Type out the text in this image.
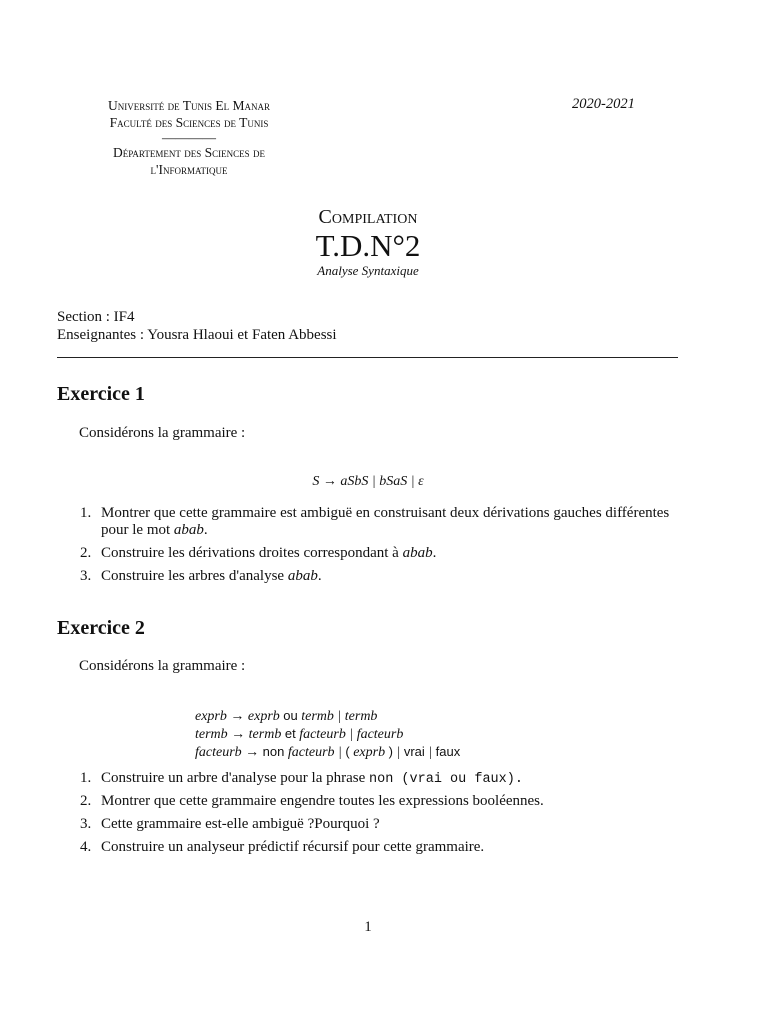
Université de Tunis El Manar
Faculté des Sciences de Tunis
————
Département des Sciences de
l'Informatique
2020-2021
Compilation
T.D.N°2
Analyse Syntaxique
Section : IF4
Enseignantes : Yousra Hlaoui et Faten Abbessi
Exercice 1
Considérons la grammaire :
S → aSbS | bSaS | ε
1. Montrer que cette grammaire est ambiguë en construisant deux dérivations gauches différentes pour le mot abab.
2. Construire les dérivations droites correspondant à abab.
3. Construire les arbres d'analyse abab.
Exercice 2
Considérons la grammaire :
exprb → exprb ou termb | termb
termb → termb et facteurb | facteurb
facteurb → non facteurb | ( exprb ) | vrai | faux
1. Construire un arbre d'analyse pour la phrase non (vrai ou faux).
2. Montrer que cette grammaire engendre toutes les expressions booléennes.
3. Cette grammaire est-elle ambiguë ?Pourquoi ?
4. Construire un analyseur prédictif récursif pour cette grammaire.
1
